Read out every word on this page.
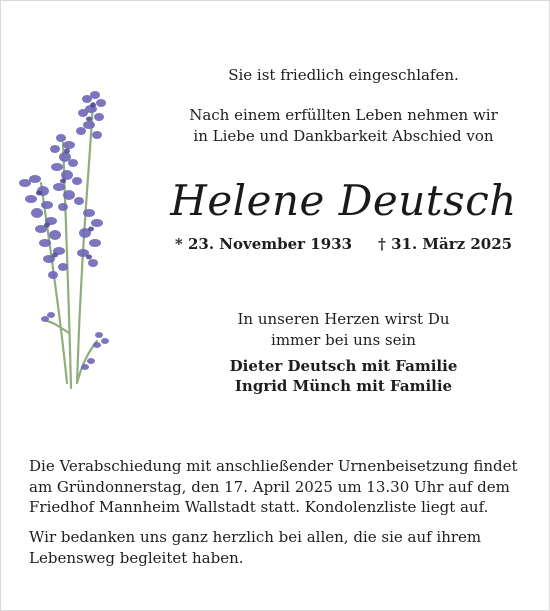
Sie ist friedlich eingeschlafen.
Nach einem erfüllten Leben nehmen wir
in Liebe und Dankbarkeit Abschied von
Helene Deutsch
* 23. November 1933 † 31. März 2025
In unseren Herzen wirst Du
immer bei uns sein
Dieter Deutsch mit Familie
Ingrid Münch mit Familie
Die Verabschiedung mit anschließender Urnenbeisetzung findet
am Gründonnerstag, den 17. April 2025 um 13.30 Uhr auf dem
Friedhof Mannheim Wallstadt statt. Kondolenzliste liegt auf.
Wir bedanken uns ganz herzlich bei allen, die sie auf ihrem
Lebensweg begleitet haben.
